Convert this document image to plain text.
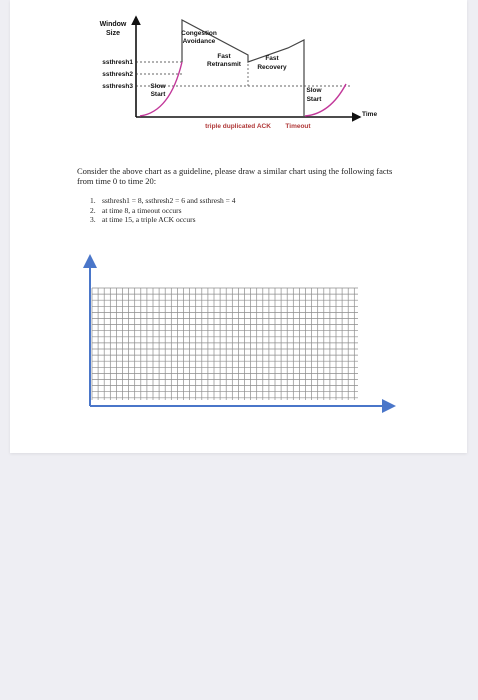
Window
Size
Time
ssthresh1
ssthresh2
ssthresh3
Congestion
Avoidance
Fast
Retransmit
Fast
Recovery
Slow
Start
Slow
Start
triple duplicated ACK Timeout
Consider the above chart as a guideline, please draw a similar chart using the following facts from time 0 to time 20:
1. ssthresh1 = 8, ssthresh2 = 6 and ssthresh = 4
2. at time 8, a timeout occurs
3. at time 15, a triple ACK occurs
